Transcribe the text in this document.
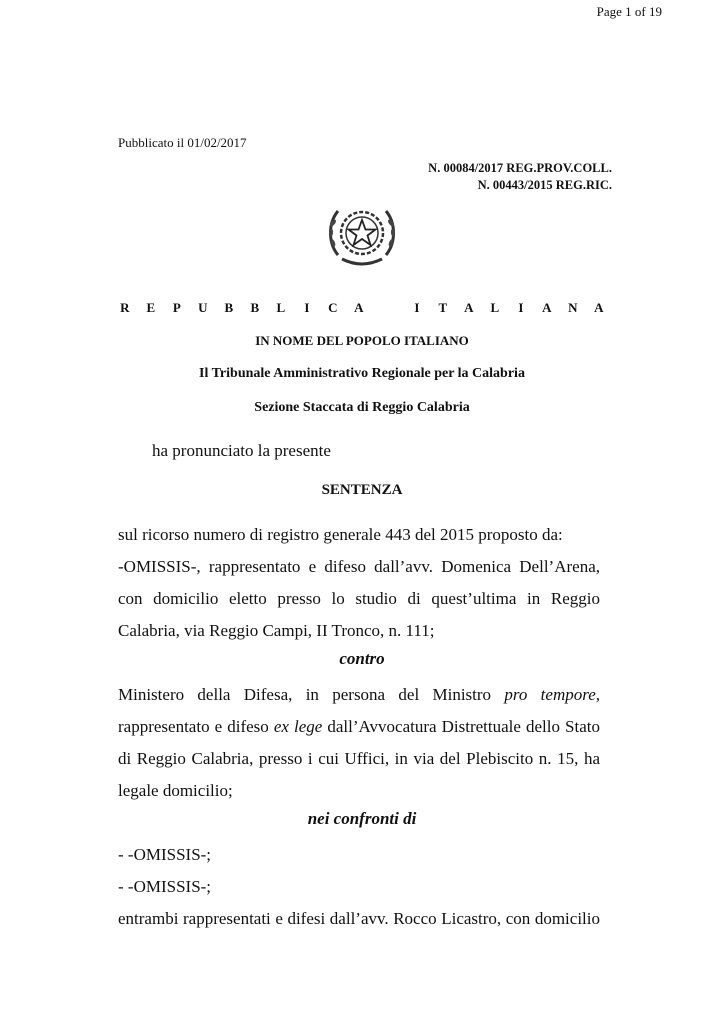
Page 1 of 19
Pubblicato il 01/02/2017
N. 00084/2017 REG.PROV.COLL.
N. 00443/2015 REG.RIC.
R E P U B B L I C A	I T A L I A N A
IN NOME DEL POPOLO ITALIANO
Il Tribunale Amministrativo Regionale per la Calabria
Sezione Staccata di Reggio Calabria
ha pronunciato la presente
SENTENZA
sul ricorso numero di registro generale 443 del 2015 proposto da:
-OMISSIS-, rappresentato e difeso dall’avv. Domenica Dell’Arena,
con domicilio eletto presso lo studio di quest’ultima in Reggio
Calabria, via Reggio Campi, II Tronco, n. 111;
contro
Ministero della Difesa, in persona del Ministro pro tempore,
rappresentato e difeso ex lege dall’Avvocatura Distrettuale dello Stato
di Reggio Calabria, presso i cui Uffici, in via del Plebiscito n. 15, ha
legale domicilio;
nei confronti di
- -OMISSIS-;
- -OMISSIS-;
entrambi rappresentati e difesi dall’avv. Rocco Licastro, con domicilio
